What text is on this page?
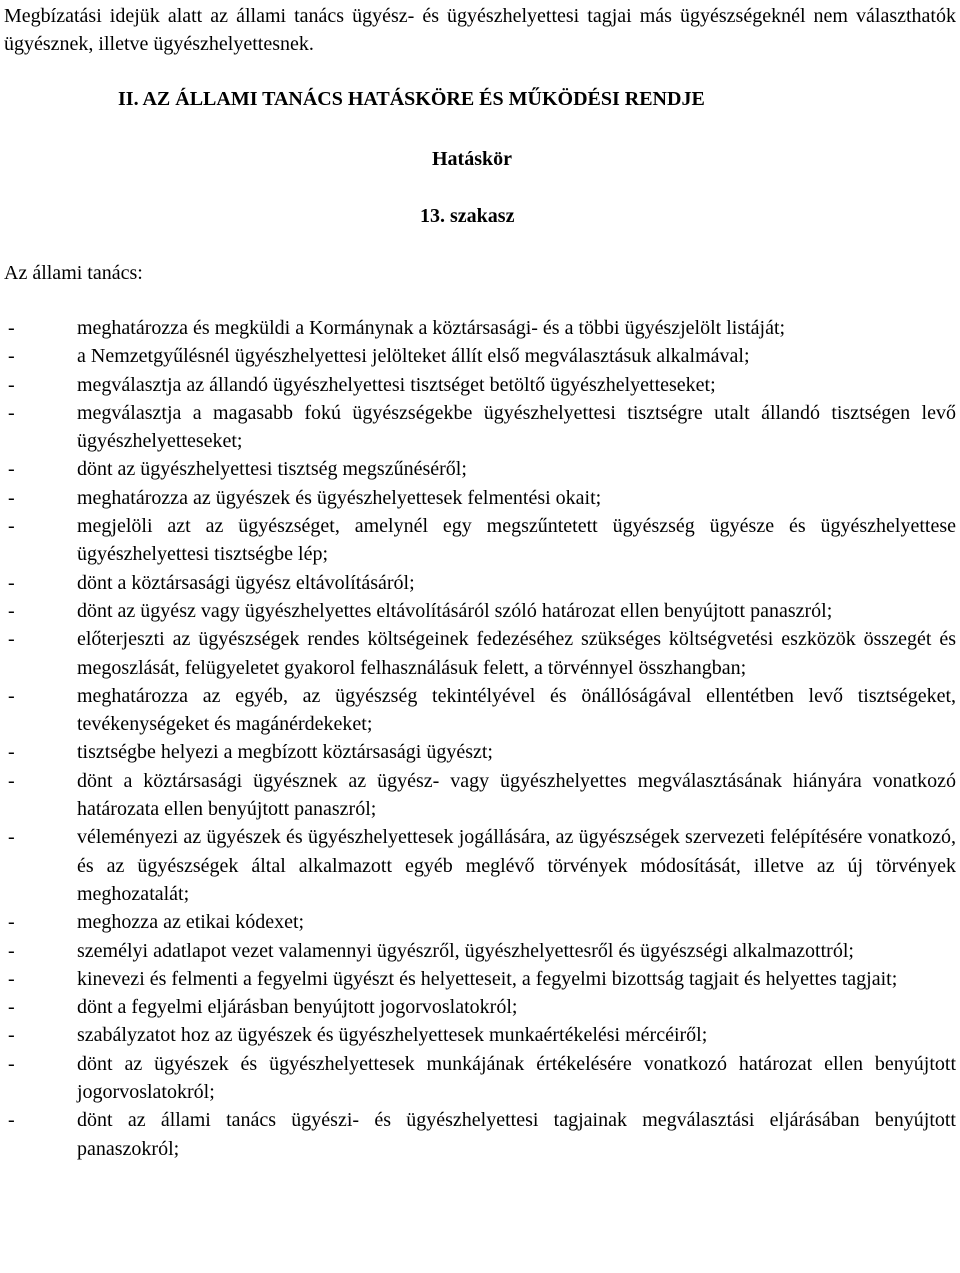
Megbízatási idejük alatt az állami tanács ügyész- és ügyészhelyettesi tagjai más ügyészségeknél nem választhatók ügyésznek, illetve ügyészhelyettesnek.

II. AZ ÁLLAMI TANÁCS HATÁSKÖRE ÉS MŰKÖDÉSI RENDJE
Hatáskör
13. szakasz

Az állami tanács:

-	meghatározza és megküldi a Kormánynak a köztársasági- és a többi ügyészjelölt listáját;
-	a Nemzetgyűlésnél ügyészhelyettesi jelölteket állít első megválasztásuk alkalmával;
-	megválasztja az állandó ügyészhelyettesi tisztséget betöltő ügyészhelyetteseket;
-	megválasztja a magasabb fokú ügyészségekbe ügyészhelyettesi tisztségre utalt állandó tisztségen levő ügyészhelyetteseket;
-	dönt az ügyészhelyettesi tisztség megszűnéséről;
-	meghatározza az ügyészek és ügyészhelyettesek felmentési okait;
-	megjelöli azt az ügyészséget, amelynél egy megszűntetett ügyészség ügyésze és ügyészhelyettese ügyészhelyettesi tisztségbe lép;
-	dönt a köztársasági ügyész eltávolításáról;
-	dönt az ügyész vagy ügyészhelyettes eltávolításáról szóló határozat ellen benyújtott panaszról;
-	előterjeszti az ügyészségek rendes költségeinek fedezéséhez szükséges költségvetési eszközök összegét és megoszlását, felügyeletet gyakorol felhasználásuk felett, a törvénnyel összhangban;
-	meghatározza az egyéb, az ügyészség tekintélyével és önállóságával ellentétben levő tisztségeket, tevékenységeket és magánérdekeket;
-	tisztségbe helyezi a megbízott köztársasági ügyészt;
-	dönt a köztársasági ügyésznek az ügyész- vagy ügyészhelyettes megválasztásának hiányára vonatkozó határozata ellen benyújtott panaszról;
-	véleményezi az ügyészek és ügyészhelyettesek jogállására, az ügyészségek szervezeti felépítésére vonatkozó, és az ügyészségek által alkalmazott egyéb meglévő törvények módosítását, illetve az új törvények meghozatalát;
-	meghozza az etikai kódexet;
-	személyi adatlapot vezet valamennyi ügyészről, ügyészhelyettesről és ügyészségi alkalmazottról;
-	kinevezi és felmenti a fegyelmi ügyészt és helyetteseit, a fegyelmi bizottság tagjait és helyettes tagjait;
-	dönt a fegyelmi eljárásban benyújtott jogorvoslatokról;
-	szabályzatot hoz az ügyészek és ügyészhelyettesek munkaértékelési mércéiről;
-	dönt az ügyészek és ügyészhelyettesek munkájának értékelésére vonatkozó határozat ellen benyújtott jogorvoslatokról;
-	dönt az állami tanács ügyészi- és ügyészhelyettesi tagjainak megválasztási eljárásában benyújtott panaszokról;
